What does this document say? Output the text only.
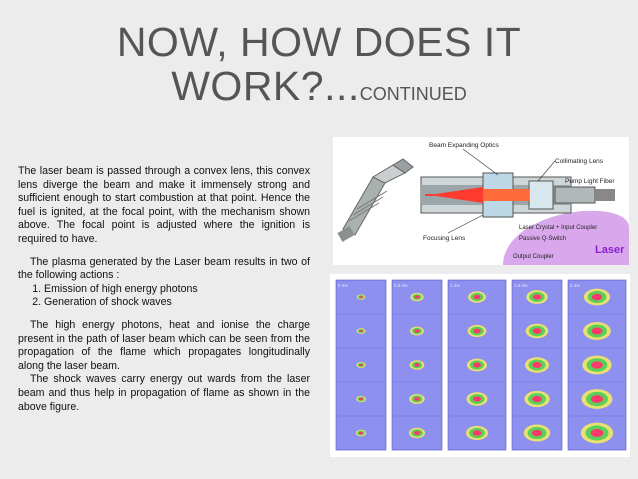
NOW, HOW DOES IT
WORK?...CONTINUED

The laser beam is passed through a convex lens, this convex lens diverge the beam and make it immensely strong and sufficient enough to start combustion at that point. Hence the fuel is ignited, at the focal point, with the mechanism shown above. The focal point is adjusted where the ignition is required to have.

The plasma generated by the Laser beam results in two of the following actions :

1. Emission of high energy photons
2. Generation of shock waves

The high energy photons, heat and ionise the charge present in the path of laser beam which can be seen from the propagation of the flame which propagates longitudinally along the laser beam.

The shock waves carry energy out wards from the laser beam and thus help in propagation of flame as shown in the above figure.

Beam Expanding Optics
Collimating Lens
Pump Light Fiber
Laser Crystal + Input Coupler
Passive Q-Switch
Output Coupler
Focusing Lens
Laser
0 ms	0.5 ms	1 ms	1.5 ms	2 ms
